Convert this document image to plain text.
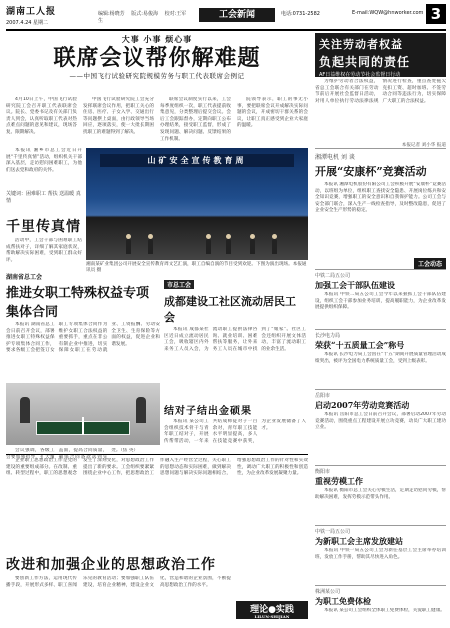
湖南工人报
2007.4.24 星期二
编辑:杨晓芳 版式:易俊海 校对:王军生
工会新闻	电话:0731-2582	E-mail:WQW@hnworker.com 3
大事 小事 烦心事
联席会议帮你解难题
——中国飞行试验研究院规模劳务与职工代表联席会例记

4月10日上午，中国飞行试验研究院工会召开职工代表联席会议。院长、党委书记及有关部门负责人到会，认真听取职工代表对热点难点问题的意见和建议，现场答复、限期解决。

中国飞行试验研究院工会充分发挥联席会议作用，把职工关心的住房、医疗、子女入学、交通出行等问题摆上桌面，由行政领导当场回应，逐项落实，使一大批长期困扰职工的难题得到了解决。

联席会议制度实行以来，工会每季度组织一次，职工代表提前收集意见，分类整理后提交会议。会后工会跟踪督办，定期向职工公布办理结果，接受职工监督，形成了发现问题、解决问题、反馈结果的工作机制。

院领导表示，职工的事无小事，要把联席会议开成解决实际问题的会议，开成密切干群关系的会议，让职工真正感受到企业大家庭的温暖。

关注劳动者权益
负起共同的责任
AF日益维权在劳动节社会监督日行动

为维护劳动者合法权益，省总工会联合有关部门在劳动节前后开展社会监督日活动，对用人单位执行劳动法律法规情况进行检查，重点查处拖欠克扣工资、超时加班、不签劳动合同等违法行为，切实保障广大职工的合法权益。

本报记者 刘小华 报道
湘潭电机 刘 谈
开展“安康杯”竞赛活动

本报讯 湘潭电机股份有限公司工会积极开展“安康杯”竞赛活动，以班组为单位，组织职工查找安全隐患、开展岗位练兵和安全知识竞赛，增强职工的安全意识和自我保护能力。公司工会与安全部门联合，深入生产一线检查指导，及时整改隐患，促进了企业安全生产形势的稳定。

本报讯 湘乡市总工会近日开展“千里传真情”活动，组织机关干部深入基层，走访慰问困难职工，为他们送去党和政府的关怀。

关键词：困难职工 帮扶 送温暖 真情
千里传真情

活动中，工会干部与困难职工结成帮扶对子，详细了解其家庭状况，帮助解决实际困难，受到职工群众好评。

山矿安全宣传教育周
湘南某矿业集团公司开展安全宣传教育周文艺汇演，职工自编自演的节目受到欢迎。下图为演出现场。本报通讯员 摄
湖南省总工会
推进女职工特殊权益专项集体合同

本报讯 湖南省总工会日前召开会议，部署推进女职工特殊权益保护专项集体合同工作，要求各级工会把签订女职工专项集体合同作为维护女职工合法权益的重要抓手，重点在非公有制企业中推进，切实保障女职工在劳动就业、工资报酬、劳动安全卫生、生育保险等方面的权益，促进企业和谐发展。

会议强调，各级工会要加强指导，扩大覆盖面，提高合同质量，确保合同条款落到实处。（焦 英）

市总工会
成都建设工社区流动居民工会

本报讯 成都某社区近日成立流动居民工会，吸收辖区内外来务工人员入会，为流动职工提供法律咨询、就业培训、困难帮扶等服务，让外来务工人员在城市中找到了“娘家”。社区工会还组织开展文体活动，丰富了流动职工的业余生活。

结对子结出金硕果

本报讯 某公司工会组织技术骨干与青年职工结对子，开展传帮带活动，一年来共结成师徒对子一百余对，青年职工技能水平明显提高，多人在技能竞赛中获奖，为企业发展储备了人才。

工会动态
中铁二局五公司
加强工会干部队伍建设

本报讯 中铁二局五公司工会今年以来狠抓工会干部队伍建设，组织工会干部参加业务培训，提高履职能力，为企业改革发展提供组织保障。

长沙电力局
荣获“十五质量工会”称号

本报讯 长沙电力局工会因在“十五”期间开展质量管理活动成绩突出，被评为全国电力系统质量工会，受到上级表彰。

岳阳市
启动2007年劳动竞赛活动

本报讯 岳阳市总工会日前召开会议，部署启动2007年劳动竞赛活动，围绕重点工程建设开展立功竞赛，动员广大职工建功立业。

衡阳市
重视劳模工作

本报讯 衡阳市总工会关心劳模生活，定期走访慰问劳模，帮助解决困难，发挥劳模示范带头作用。

中铁一局五公司
为新职工会主席发放建站

本报讯 中铁一局五公司工会为新任基层工会主席举办培训班，发放工作手册，帮助其尽快进入角色。

株洲某公司
为职工免费体检

本报讯 某公司工会组织全体职工免费体检，关爱职工健康。

企业职工思想政治工作是党的建设的重要组成部分。在改制、重组、转型过程中，职工的思想观念发生了深刻变化，对思想政治工作提出了新的要求。工会组织要紧紧围绕企业中心工作，把思想政治工作融入生产经营全过程，关心职工的思想动态和实际困难，做到解决思想问题与解决实际问题相结合，增强思想政治工作的针对性和实效性，调动广大职工的积极性和创造性，为企业改革发展凝聚力量。

改进和加强企业的思想政治工作

要创新工作方法，运用现代传播手段，开展形式多样、职工喜闻乐见的教育活动；要加强职工队伍建设，培育企业精神，建设企业文化，营造和谐的企业氛围，不断提高思想政治工作的水平。

理论●实践
LILUN·SHIJIAN
